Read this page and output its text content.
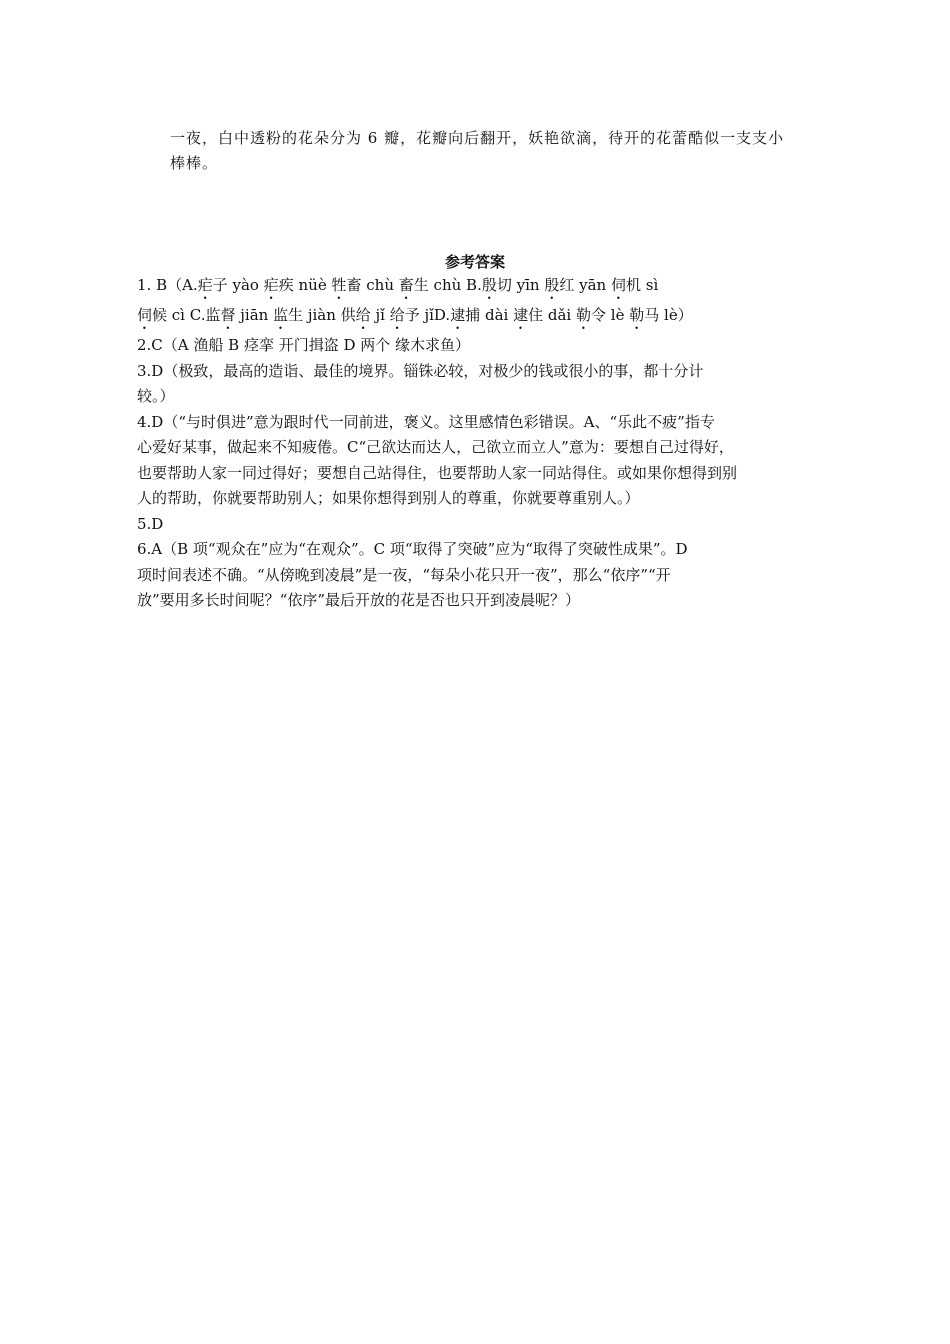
一夜，白中透粉的花朵分为 6 瓣，花瓣向后翻开，妖艳欲滴，待开的花蕾酷似一支支小
棒棒。
参考答案
1. B（A.疟子 yào 疟疾 nüè 牲畜 chù 畜生 chù B.殷切 yīn 殷红 yān 伺机 sì
伺候 cì C.监督 jiān 监生 jiàn 供给 jǐ 给予 jǐD.逮捕 dài 逮住 dǎi 勒令 lè 勒马 lè）
2.C（A 渔船 B 痉挛 开门揖盗 D 两个 缘木求鱼）
3.D（极致，最高的造诣、最佳的境界。锱铢必较，对极少的钱或很小的事，都十分计
较。）
4.D（“与时俱进”意为跟时代一同前进，褒义。这里感情色彩错误。A、“乐此不疲”指专
心爱好某事，做起来不知疲倦。C“己欲达而达人，己欲立而立人”意为：要想自己过得好，
也要帮助人家一同过得好；要想自己站得住，也要帮助人家一同站得住。或如果你想得到别
人的帮助，你就要帮助别人；如果你想得到别人的尊重，你就要尊重别人。）
5.D
6.A（B 项“观众在”应为“在观众”。C 项“取得了突破”应为“取得了突破性成果”。D
项时间表述不确。“从傍晚到凌晨”是一夜，“每朵小花只开一夜”，那么“依序”“开
放”要用多长时间呢？“依序”最后开放的花是否也只开到凌晨呢？）
